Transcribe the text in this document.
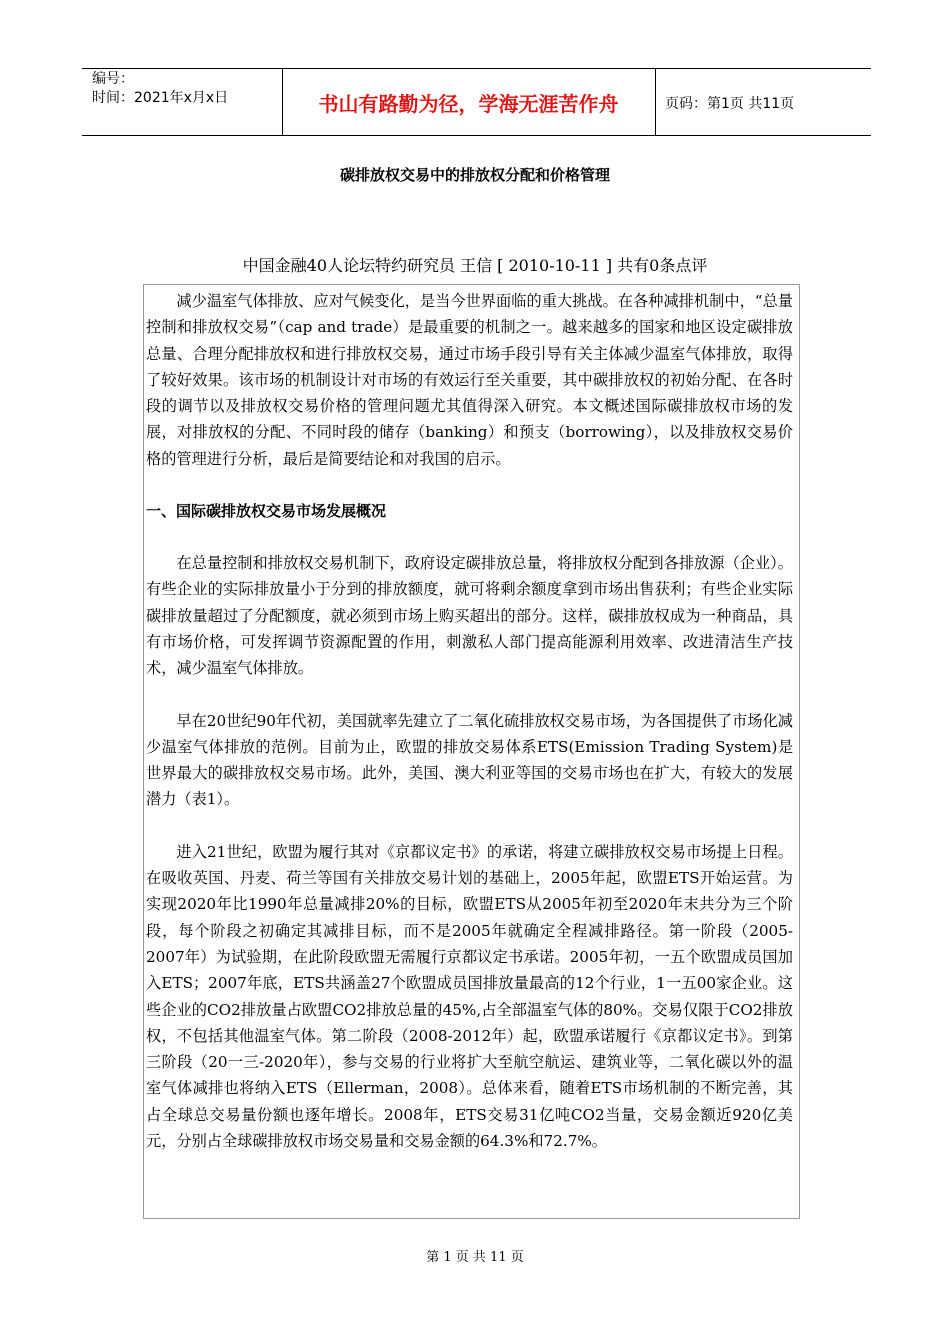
编号：
时间：2021年x月x日	书山有路勤为径，学海无涯苦作舟	页码：第1页 共11页
碳排放权交易中的排放权分配和价格管理
中国金融40人论坛特约研究员 王信 [ 2010-10-11 ] 共有0条点评

减少温室气体排放、应对气候变化，是当今世界面临的重大挑战。在各种减排机制中，“总量控制和排放权交易”（cap and trade）是最重要的机制之一。越来越多的国家和地区设定碳排放总量、合理分配排放权和进行排放权交易，通过市场手段引导有关主体减少温室气体排放，取得了较好效果。该市场的机制设计对市场的有效运行至关重要，其中碳排放权的初始分配、在各时段的调节以及排放权交易价格的管理问题尤其值得深入研究。本文概述国际碳排放权市场的发展，对排放权的分配、不同时段的储存（banking）和预支（borrowing），以及排放权交易价格的管理进行分析，最后是简要结论和对我国的启示。

一、国际碳排放权交易市场发展概况

在总量控制和排放权交易机制下，政府设定碳排放总量，将排放权分配到各排放源（企业）。有些企业的实际排放量小于分到的排放额度，就可将剩余额度拿到市场出售获利；有些企业实际碳排放量超过了分配额度，就必须到市场上购买超出的部分。这样，碳排放权成为一种商品，具有市场价格，可发挥调节资源配置的作用，刺激私人部门提高能源利用效率、改进清洁生产技术，减少温室气体排放。

早在20世纪90年代初，美国就率先建立了二氧化硫排放权交易市场，为各国提供了市场化减少温室气体排放的范例。目前为止，欧盟的排放交易体系ETS(Emission Trading System)是世界最大的碳排放权交易市场。此外，美国、澳大利亚等国的交易市场也在扩大，有较大的发展潜力（表1）。

进入21世纪，欧盟为履行其对《京都议定书》的承诺，将建立碳排放权交易市场提上日程。在吸收英国、丹麦、荷兰等国有关排放交易计划的基础上，2005年起，欧盟ETS开始运营。为实现2020年比1990年总量减排20%的目标，欧盟ETS从2005年初至2020年末共分为三个阶段，每个阶段之初确定其减排目标，而不是2005年就确定全程减排路径。第一阶段（2005-2007年）为试验期，在此阶段欧盟无需履行京都议定书承诺。2005年初，一五个欧盟成员国加入ETS；2007年底，ETS共涵盖27个欧盟成员国排放量最高的12个行业，1一五00家企业。这些企业的CO2排放量占欧盟CO2排放总量的45%,占全部温室气体的80%。交易仅限于CO2排放权，不包括其他温室气体。第二阶段（2008-2012年）起，欧盟承诺履行《京都议定书》。到第三阶段（20一三-2020年），参与交易的行业将扩大至航空航运、建筑业等，二氧化碳以外的温室气体减排也将纳入ETS（Ellerman，2008）。总体来看，随着ETS市场机制的不断完善，其占全球总交易量份额也逐年增长。2008年，ETS交易31亿吨CO2当量，交易金额近920亿美元，分别占全球碳排放权市场交易量和交易金额的64.3%和72.7%。

第 1 页 共 11 页
